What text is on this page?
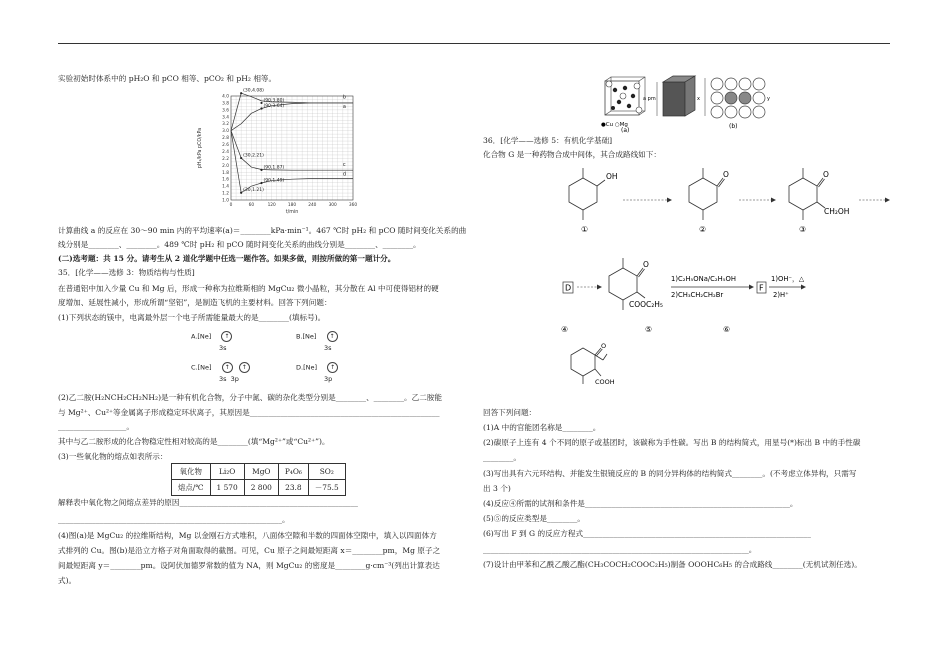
实验初始时体系中的 pH₂O 和 pCO 相等、pCO₂ 和 pH₂ 相等。
4.0
3.8
3.6
3.4
3.2
3.0
2.8
2.6
2.4
2.2
2.0
1.8
1.6
1.4
1.2
1.0
0	60	120	180	240	300	360
t/min
pH₂/kPa pCO/kPa
(30,4.08)
(90,3.80)
(90,3.64)
(30,2.21)
(90,1.87)
(90,1.49)
(30,1.21)
b
a
c
d
计算曲线 a 的反应在 30～90 min 内的平均速率(a)＝________kPa·min⁻¹。467 ℃时 pH₂ 和 pCO 随时间变化关系的曲
线分别是________、________。489 ℃时 pH₂ 和 pCO 随时间变化关系的曲线分别是________、________。
(二)选考题：共 15 分。请考生从 2 道化学题中任选一题作答。如果多做，则按所做的第一题计分。
35．[化学——选修 3：物质结构与性质]
在普通铝中加入少量 Cu 和 Mg 后，形成一种称为拉维斯相的 MgCu₂ 微小晶粒，其分散在 Al 中可使得铝材的硬
度增加、延展性减小，形成所谓“坚铝”，是制造飞机的主要材料。回答下列问题：
(1)下列状态的镁中，电离最外层一个电子所需能量最大的是________(填标号)。
A.[Ne] ↑
3s
B.[Ne] ↑
3s
C.[Ne] ↑ ↑
3s 3p
D.[Ne] ↑
3p
(2)乙二胺(H₂NCH₂CH₂NH₂)是一种有机化合物，分子中氮、碳的杂化类型分别是________、________。乙二胺能
与 Mg²⁺、Cu²⁺等金属离子形成稳定环状离子，其原因是__________________________________________________
__________________。
其中与乙二胺形成的化合物稳定性相对较高的是________(填“Mg²⁺”或“Cu²⁺”)。
(3)一些氧化物的熔点如表所示：
氧化物	Li₂O	MgO	P₄O₆	SO₂
熔点/℃	1 570	2 800	23.8	－75.5
解释表中氧化物之间熔点差异的原因_______________________________________________
___________________________________________________________。
(4)图(a)是 MgCu₂ 的拉维斯结构，Mg 以金刚石方式堆积，八面体空隙和半数的四面体空隙中，填入以四面体方
式排列的 Cu。图(b)是沿立方格子对角面取得的截图。可见，Cu 原子之间最短距离 x＝________pm，Mg 原子之
间最短距离 y＝________pm。设阿伏加德罗常数的值为 NA，则 MgCu₂ 的密度是________g·cm⁻³(列出计算表达
式)。
●Cu ○Mg
(a)
a pm	x	y
(b)
36．[化学——选修 5：有机化学基础]
化合物 G 是一种药物合成中间体，其合成路线如下：
OH
①
O
②
O
CH₂OH
③
D
O
COOC₂H₅
1)C₂H₅ONa/C₂H₅OH
2)CH₃CH₂CH₂Br
F
1)OH⁻，△
2)H⁺
④	⑤	⑥
O
COOH
回答下列问题：
(1)A 中的官能团名称是________。
(2)碳原子上连有 4 个不同的原子或基团时，该碳称为手性碳。写出 B 的结构简式，用星号(*)标出 B 中的手性碳
________。
(3)写出具有六元环结构、并能发生银镜反应的 B 的同分异构体的结构简式________。(不考虑立体异构，只需写
出 3 个)
(4)反应④所需的试剂和条件是______________________________________________________。
(5)⑤的反应类型是________。
(6)写出 F 到 G 的反应方程式____________________________________________________________
______________________________________________________________________。
(7)设计由甲苯和乙酰乙酸乙酯(CH₃COCH₂COOC₂H₅)制备 OOOHC₆H₅ 的合成路线________(无机试剂任选)。
